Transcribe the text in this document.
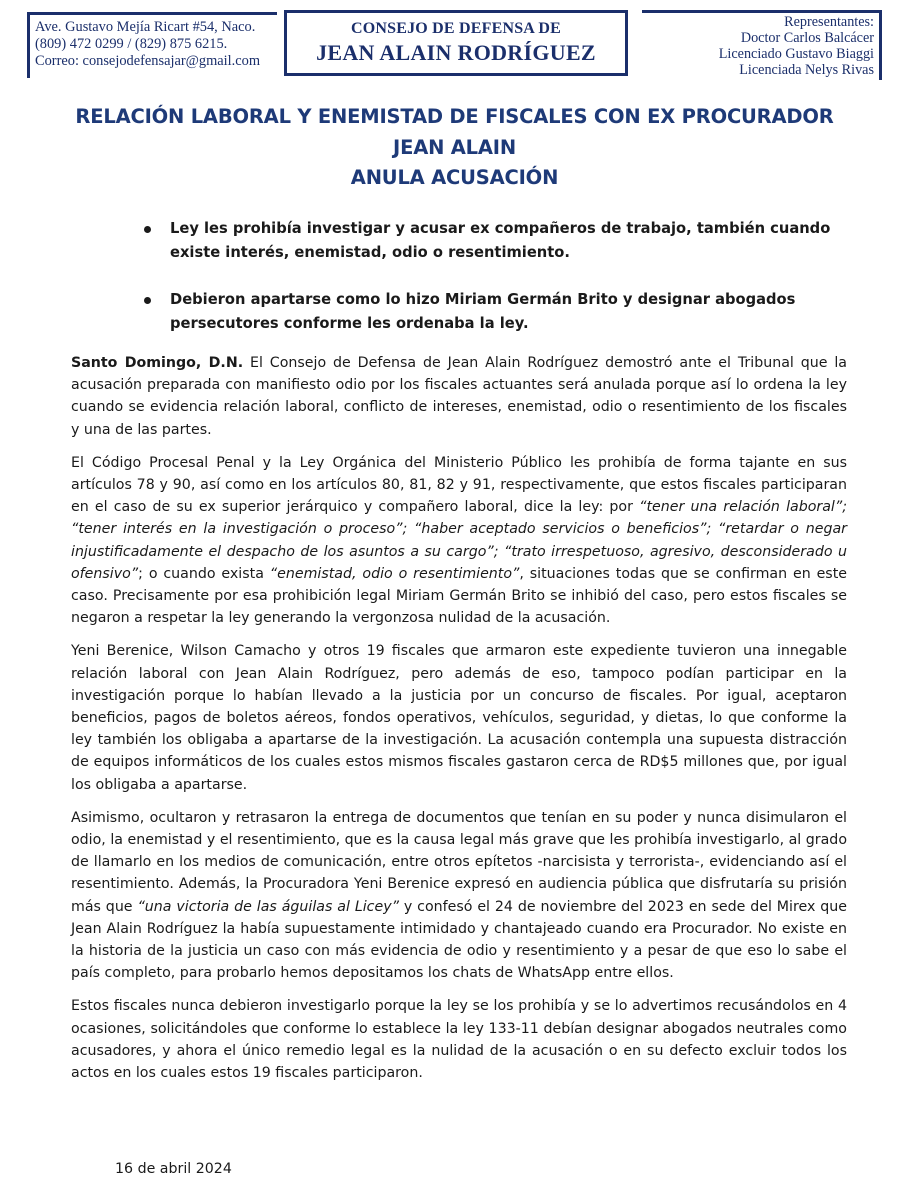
Ave. Gustavo Mejía Ricart #54, Naco.
(809) 472 0299 / (829) 875 6215.
Correo: consejodefensajar@gmail.com
CONSEJO DE DEFENSA DE
JEAN ALAIN RODRÍGUEZ
Representantes:
Doctor Carlos Balcácer
Licenciado Gustavo Biaggi
Licenciada Nelys Rivas
RELACIÓN LABORAL Y ENEMISTAD DE FISCALES CON EX PROCURADOR
JEAN ALAIN
ANULA ACUSACIÓN
Ley les prohibía investigar y acusar ex compañeros de trabajo, también cuando existe interés, enemistad, odio o resentimiento.
Debieron apartarse como lo hizo Miriam Germán Brito y designar abogados persecutores conforme les ordenaba la ley.

Santo Domingo, D.N. El Consejo de Defensa de Jean Alain Rodríguez demostró ante el Tribunal que la acusación preparada con manifiesto odio por los fiscales actuantes será anulada porque así lo ordena la ley cuando se evidencia relación laboral, conflicto de intereses, enemistad, odio o resentimiento de los fiscales y una de las partes.

El Código Procesal Penal y la Ley Orgánica del Ministerio Público les prohibía de forma tajante en sus artículos 78 y 90, así como en los artículos 80, 81, 82 y 91, respectivamente, que estos fiscales participaran en el caso de su ex superior jerárquico y compañero laboral, dice la ley: por “tener una relación laboral”; “tener interés en la investigación o proceso”; “haber aceptado servicios o beneficios”; “retardar o negar injustificadamente el despacho de los asuntos a su cargo”; “trato irrespetuoso, agresivo, desconsiderado u ofensivo”; o cuando exista “enemistad, odio o resentimiento”, situaciones todas que se confirman en este caso. Precisamente por esa prohibición legal Miriam Germán Brito se inhibió del caso, pero estos fiscales se negaron a respetar la ley generando la vergonzosa nulidad de la acusación.

Yeni Berenice, Wilson Camacho y otros 19 fiscales que armaron este expediente tuvieron una innegable relación laboral con Jean Alain Rodríguez, pero además de eso, tampoco podían participar en la investigación porque lo habían llevado a la justicia por un concurso de fiscales. Por igual, aceptaron beneficios, pagos de boletos aéreos, fondos operativos, vehículos, seguridad, y dietas, lo que conforme la ley también los obligaba a apartarse de la investigación. La acusación contempla una supuesta distracción de equipos informáticos de los cuales estos mismos fiscales gastaron cerca de RD$5 millones que, por igual los obligaba a apartarse.

Asimismo, ocultaron y retrasaron la entrega de documentos que tenían en su poder y nunca disimularon el odio, la enemistad y el resentimiento, que es la causa legal más grave que les prohibía investigarlo, al grado de llamarlo en los medios de comunicación, entre otros epítetos -narcisista y terrorista-, evidenciando así el resentimiento. Además, la Procuradora Yeni Berenice expresó en audiencia pública que disfrutaría su prisión más que “una victoria de las águilas al Licey” y confesó el 24 de noviembre del 2023 en sede del Mirex que Jean Alain Rodríguez la había supuestamente intimidado y chantajeado cuando era Procurador. No existe en la historia de la justicia un caso con más evidencia de odio y resentimiento y a pesar de que eso lo sabe el país completo, para probarlo hemos depositamos los chats de WhatsApp entre ellos.

Estos fiscales nunca debieron investigarlo porque la ley se los prohibía y se lo advertimos recusándolos en 4 ocasiones, solicitándoles que conforme lo establece la ley 133-11 debían designar abogados neutrales como acusadores, y ahora el único remedio legal es la nulidad de la acusación o en su defecto excluir todos los actos en los cuales estos 19 fiscales participaron.

16 de abril 2024
